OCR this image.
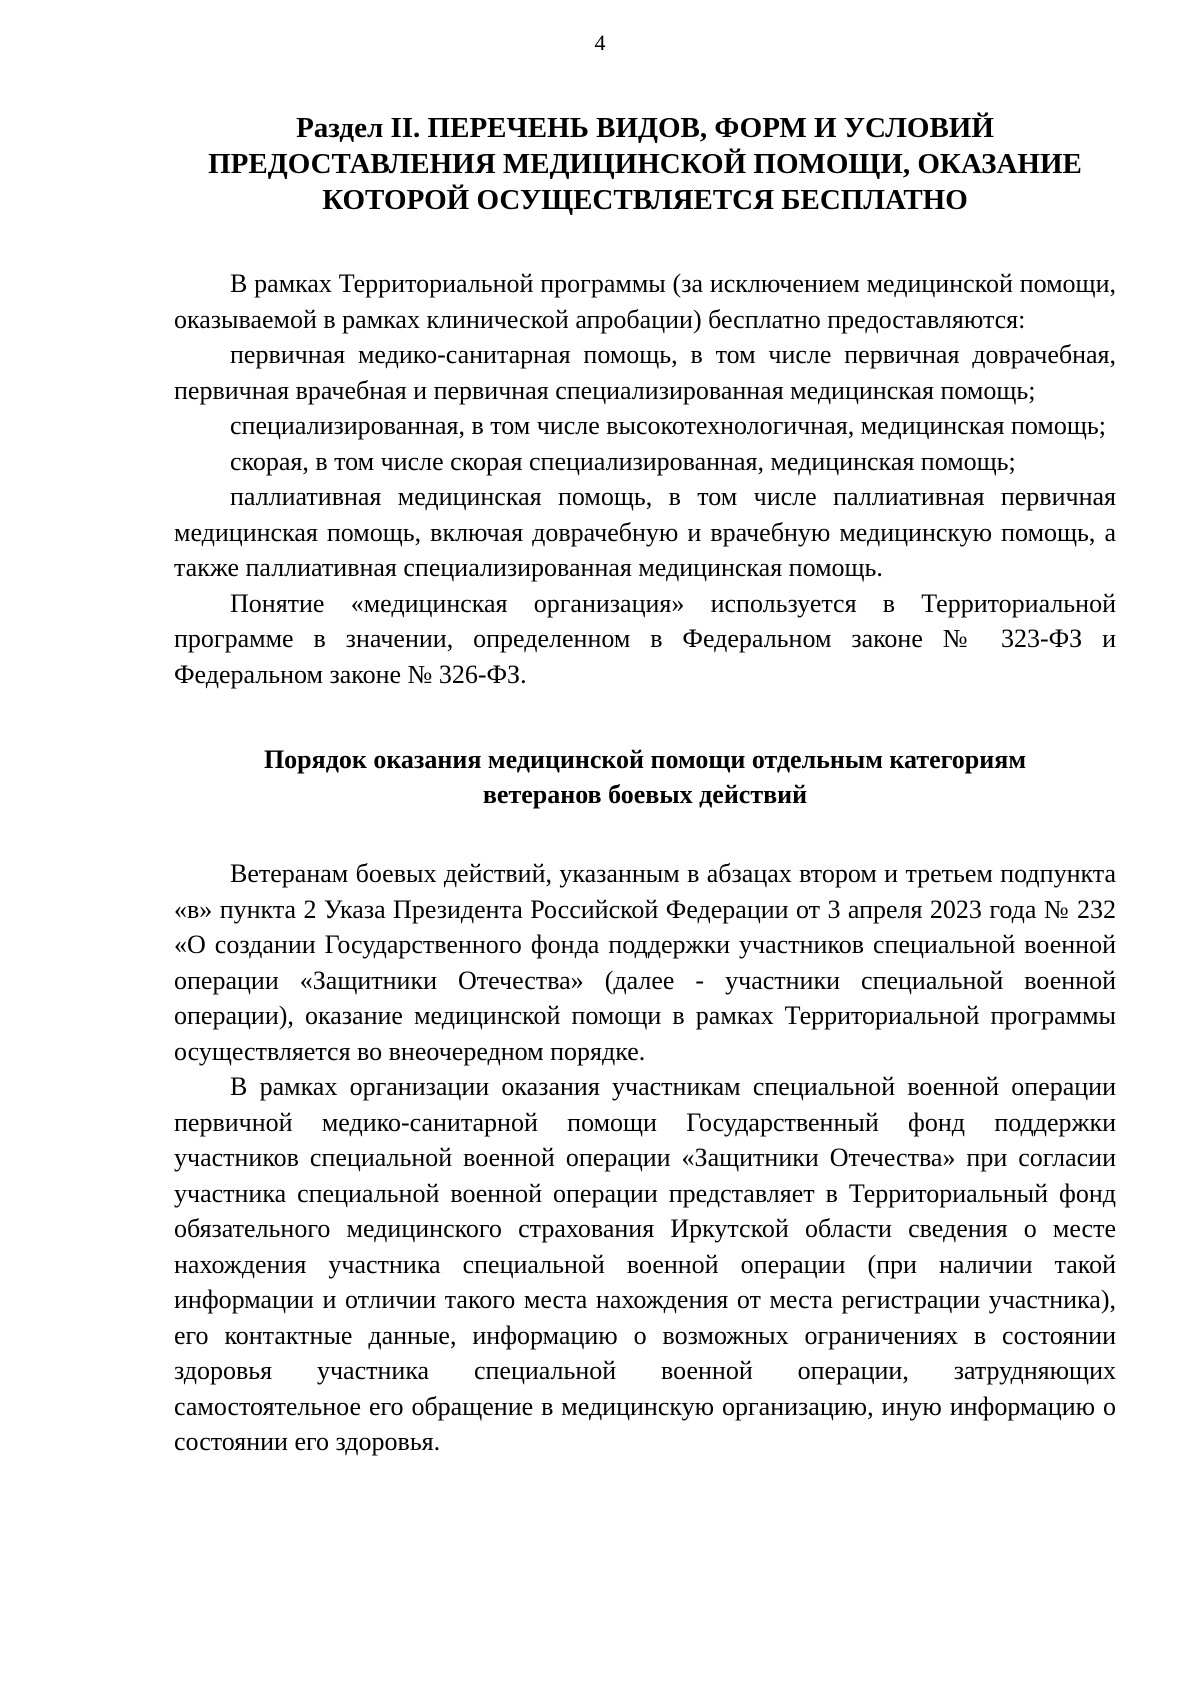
4
Раздел II. ПЕРЕЧЕНЬ ВИДОВ, ФОРМ И УСЛОВИЙ
ПРЕДОСТАВЛЕНИЯ МЕДИЦИНСКОЙ ПОМОЩИ, ОКАЗАНИЕ
КОТОРОЙ ОСУЩЕСТВЛЯЕТСЯ БЕСПЛАТНО

В рамках Территориальной программы (за исключением медицинской помощи, оказываемой в рамках клинической апробации) бесплатно предоставляются:

первичная медико-санитарная помощь, в том числе первичная доврачебная, первичная врачебная и первичная специализированная медицинская помощь;

специализированная, в том числе высокотехнологичная, медицинская помощь;

скорая, в том числе скорая специализированная, медицинская помощь;

паллиативная медицинская помощь, в том числе паллиативная первичная медицинская помощь, включая доврачебную и врачебную медицинскую помощь, а также паллиативная специализированная медицинская помощь.

Понятие «медицинская организация» используется в Территориальной программе в значении, определенном в Федеральном законе № 323-ФЗ и Федеральном законе № 326-ФЗ.

Порядок оказания медицинской помощи отдельным категориям
ветеранов боевых действий

Ветеранам боевых действий, указанным в абзацах втором и третьем подпункта «в» пункта 2 Указа Президента Российской Федерации от 3 апреля 2023 года № 232 «О создании Государственного фонда поддержки участников специальной военной операции «Защитники Отечества» (далее - участники специальной военной операции), оказание медицинской помощи в рамках Территориальной программы осуществляется во внеочередном порядке.

В рамках организации оказания участникам специальной военной операции первичной медико-санитарной помощи Государственный фонд поддержки участников специальной военной операции «Защитники Отечества» при согласии участника специальной военной операции представляет в Территориальный фонд обязательного медицинского страхования Иркутской области сведения о месте нахождения участника специальной военной операции (при наличии такой информации и отличии такого места нахождения от места регистрации участника), его контактные данные, информацию о возможных ограничениях в состоянии здоровья участника специальной военной операции, затрудняющих самостоятельное его обращение в медицинскую организацию, иную информацию о состоянии его здоровья.
